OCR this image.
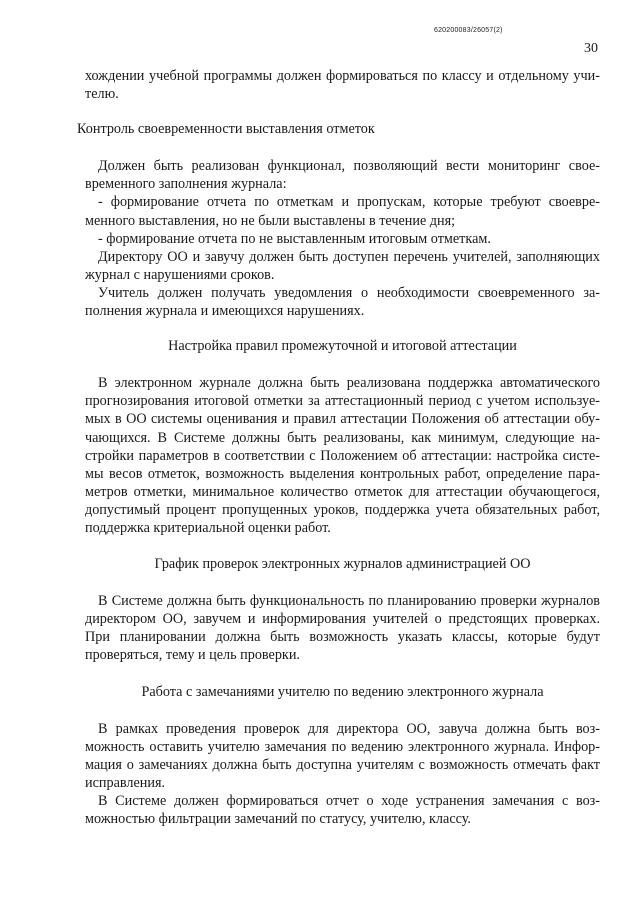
620200083/26057(2)
30

хождении учебной программы должен формироваться по классу и отдельному учителю.

Контроль своевременности выставления отметок

Должен быть реализован функционал, позволяющий вести мониторинг своевременного заполнения журнала:

- формирование отчета по отметкам и пропускам, которые требуют своевременного выставления, но не были выставлены в течение дня;

- формирование отчета по не выставленным итоговым отметкам.

Директору ОО и завучу должен быть доступен перечень учителей, заполняющих журнал с нарушениями сроков.

Учитель должен получать уведомления о необходимости своевременного заполнения журнала и имеющихся нарушениях.

Настройка правил промежуточной и итоговой аттестации

В электронном журнале должна быть реализована поддержка автоматического прогнозирования итоговой отметки за аттестационный период с учетом используемых в ОО системы оценивания и правил аттестации Положения об аттестации обучающихся. В Системе должны быть реализованы, как минимум, следующие настройки параметров в соответствии с Положением об аттестации: настройка системы весов отметок, возможность выделения контрольных работ, определение параметров отметки, минимальное количество отметок для аттестации обучающегося, допустимый процент пропущенных уроков, поддержка учета обязательных работ, поддержка критериальной оценки работ.

График проверок электронных журналов администрацией ОО

В Системе должна быть функциональность по планированию проверки журналов директором ОО, завучем и информирования учителей о предстоящих проверках. При планировании должна быть возможность указать классы, которые будут проверяться, тему и цель проверки.

Работа с замечаниями учителю по ведению электронного журнала

В рамках проведения проверок для директора ОО, завуча должна быть возможность оставить учителю замечания по ведению электронного журнала. Информация о замечаниях должна быть доступна учителям с возможность отмечать факт исправления.

В Системе должен формироваться отчет о ходе устранения замечания с возможностью фильтрации замечаний по статусу, учителю, классу.
